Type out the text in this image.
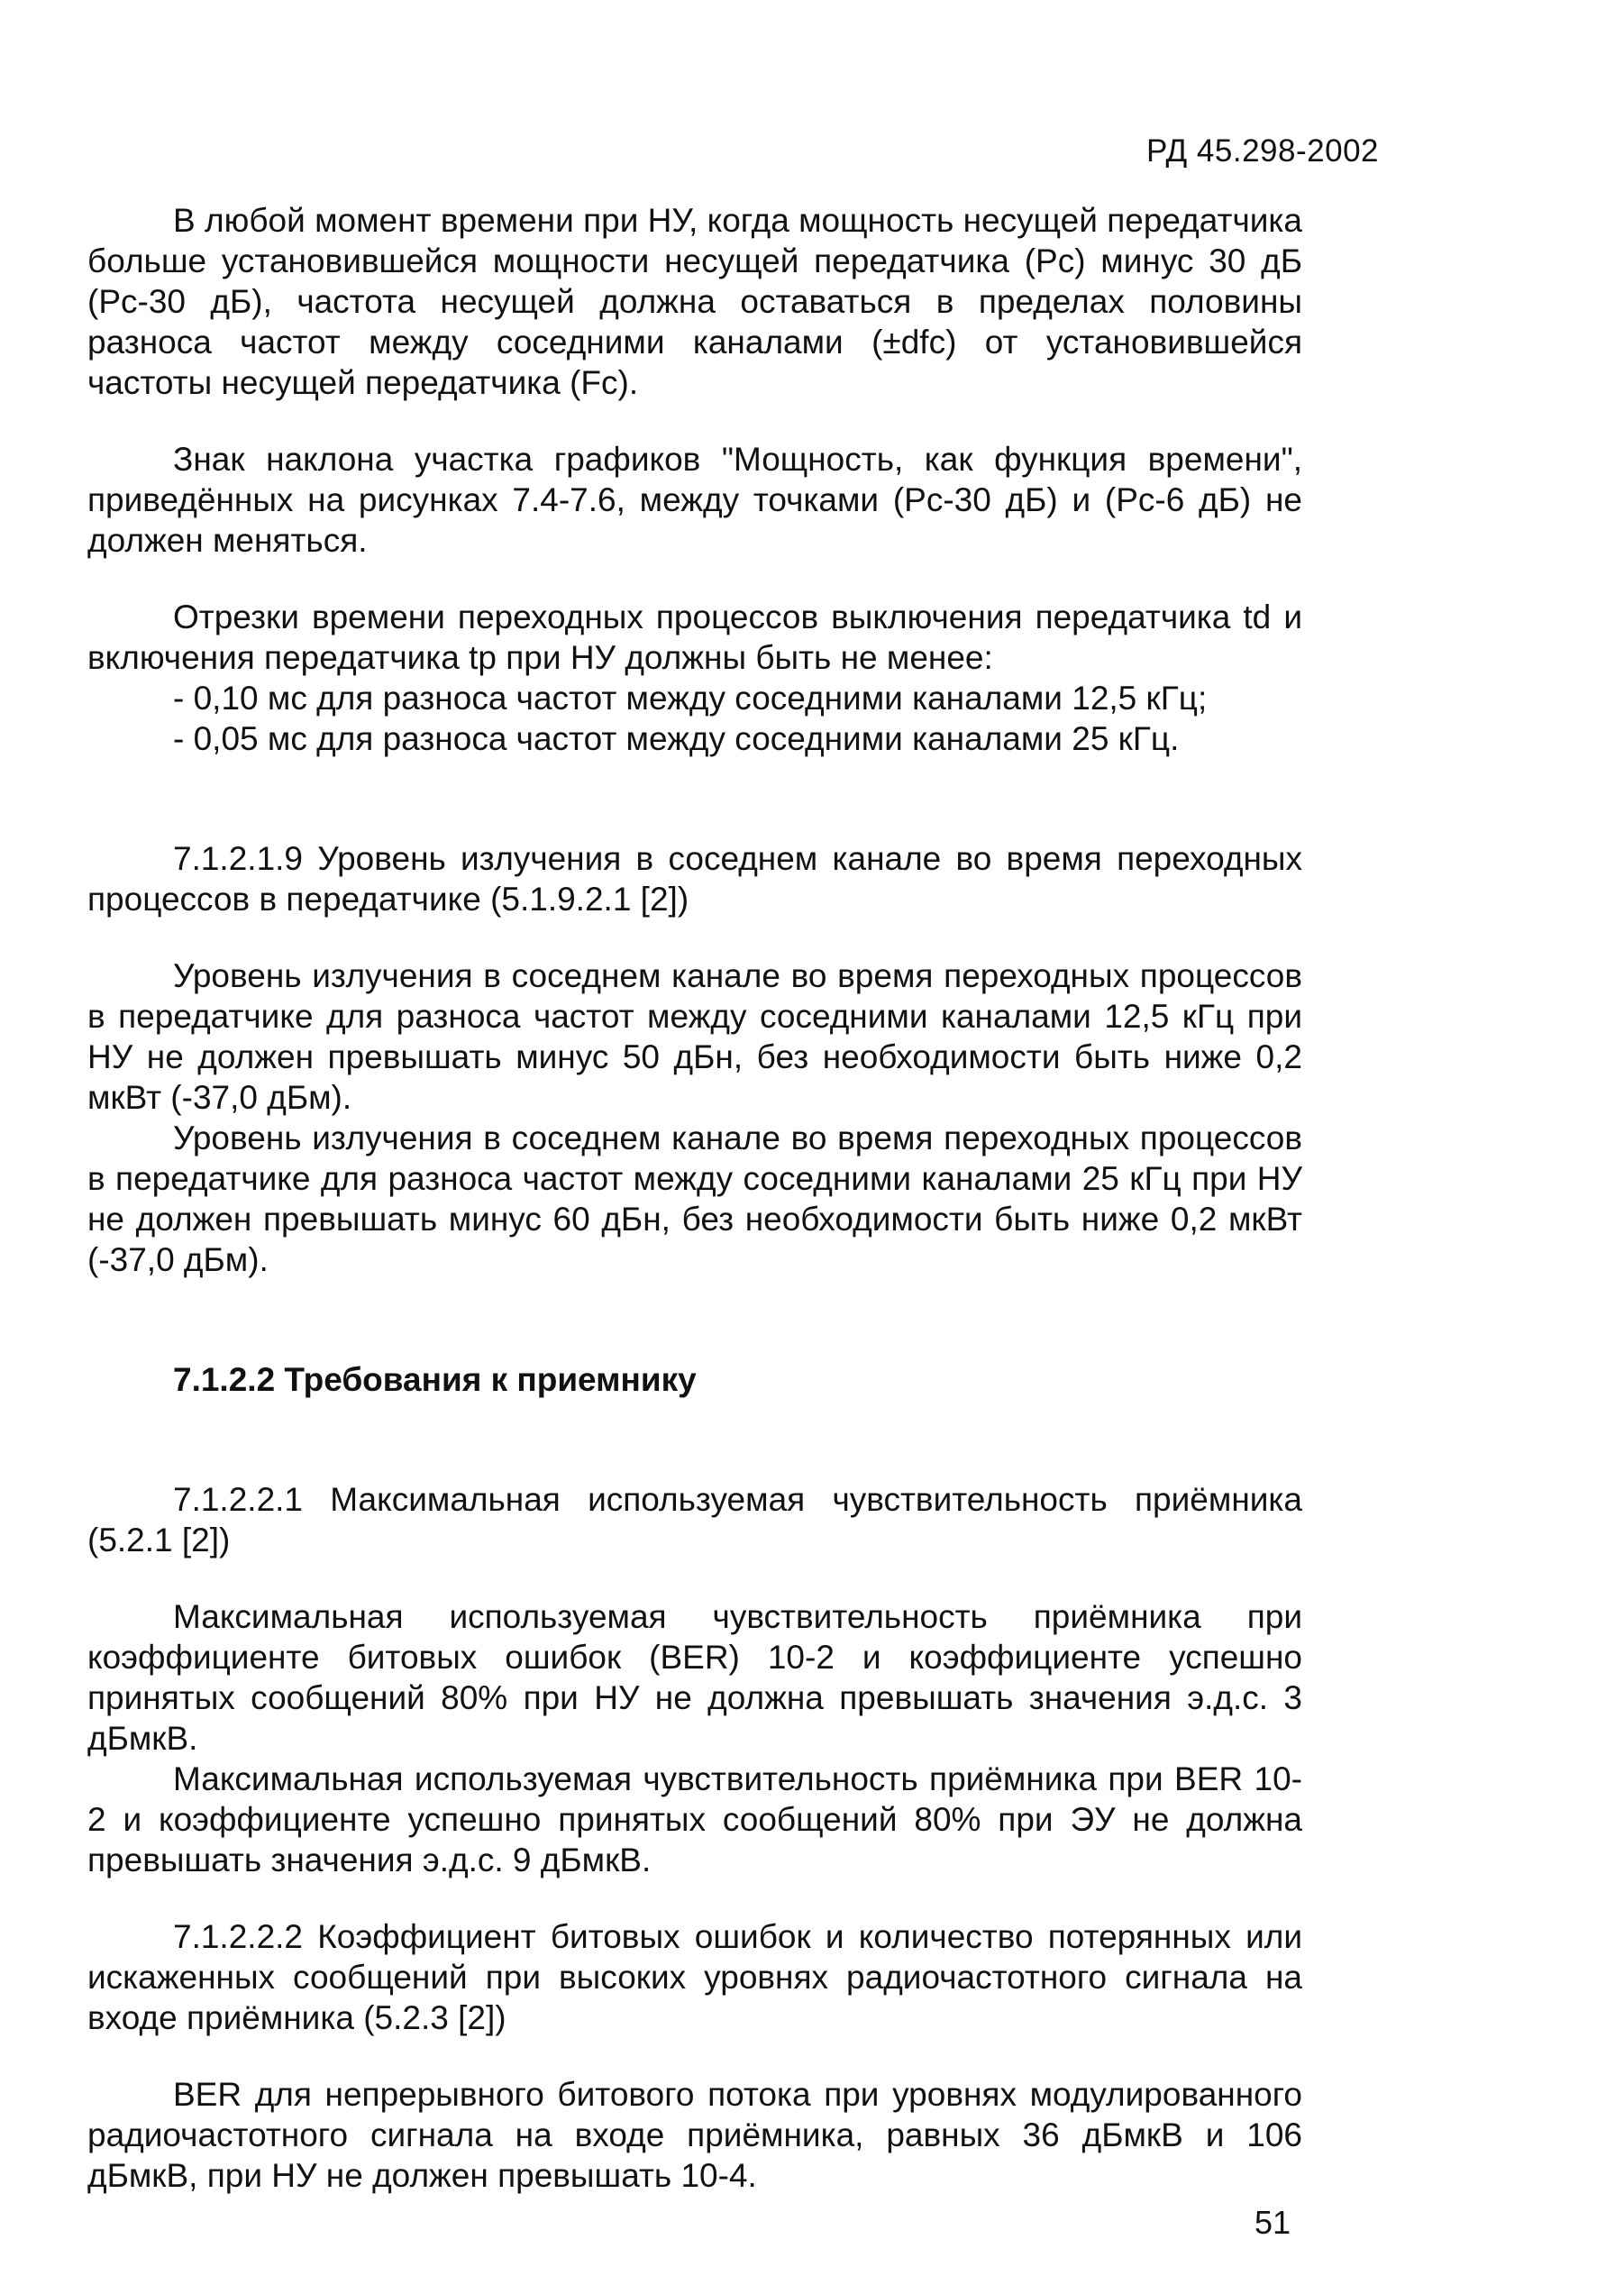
РД 45.298-2002

В любой момент времени при НУ, когда мощность несущей передатчика больше установившейся мощности несущей передатчика (Pc) минус 30 дБ (Pc-30 дБ), частота несущей должна оставаться в пределах половины разноса частот между соседними каналами (±dfc) от установившейся частоты несущей передатчика (Fc).

Знак наклона участка графиков "Мощность, как функция времени", приведённых на рисунках 7.4-7.6, между точками (Pc-30 дБ) и (Pc-6 дБ) не должен меняться.

Отрезки времени переходных процессов выключения передатчика td и включения передатчика tp при НУ должны быть не менее:

- 0,10 мс для разноса частот между соседними каналами 12,5 кГц;

- 0,05 мс для разноса частот между соседними каналами 25 кГц.

7.1.2.1.9 Уровень излучения в соседнем канале во время переходных процессов в передатчике (5.1.9.2.1 [2])

Уровень излучения в соседнем канале во время переходных процессов в передатчике для разноса частот между соседними каналами 12,5 кГц при НУ не должен превышать минус 50 дБн, без необходимости быть ниже 0,2 мкВт (-37,0 дБм).

Уровень излучения в соседнем канале во время переходных процессов в передатчике для разноса частот между соседними каналами 25 кГц при НУ не должен превышать минус 60 дБн, без необходимости быть ниже 0,2 мкВт (-37,0 дБм).

7.1.2.2 Требования к приемнику

7.1.2.2.1 Максимальная используемая чувствительность приёмника (5.2.1 [2])

Максимальная используемая чувствительность приёмника при коэффициенте битовых ошибок (BER) 10-2 и коэффициенте успешно принятых сообщений 80% при НУ не должна превышать значения э.д.с. 3 дБмкВ.

Максимальная используемая чувствительность приёмника при BER 10-2 и коэффициенте успешно принятых сообщений 80% при ЭУ не должна превышать значения э.д.с. 9 дБмкВ.

7.1.2.2.2 Коэффициент битовых ошибок и количество потерянных или искаженных сообщений при высоких уровнях радиочастотного сигнала на входе приёмника (5.2.3 [2])

BER для непрерывного битового потока при уровнях модулированного радиочастотного сигнала на входе приёмника, равных 36 дБмкВ и 106 дБмкВ, при НУ не должен превышать 10-4.

51
